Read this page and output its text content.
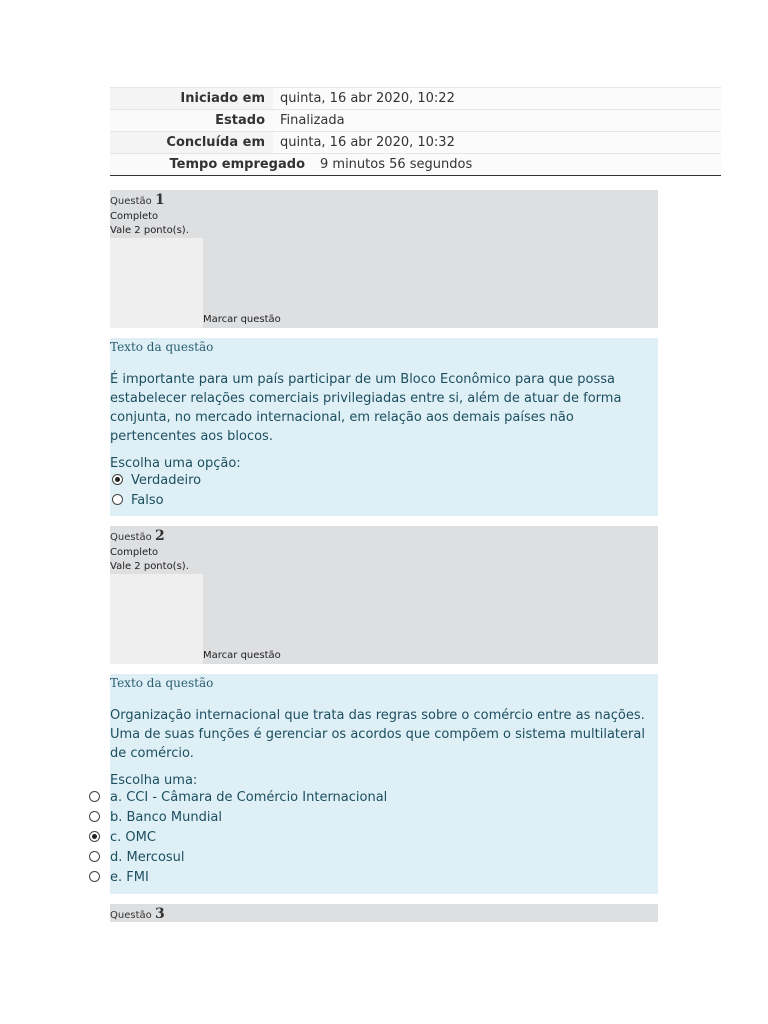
Iniciado em	quinta, 16 abr 2020, 10:22
Estado	Finalizada
Concluída em	quinta, 16 abr 2020, 10:32
Tempo empregado	9 minutos 56 segundos
Questão 1
Completo
Vale 2 ponto(s).
Marcar questão
Texto da questão
É importante para um país participar de um Bloco Econômico para que possa estabelecer relações comerciais privilegiadas entre si, além de atuar de forma conjunta, no mercado internacional, em relação aos demais países não pertencentes aos blocos.
Escolha uma opção:
Verdadeiro
Falso
Questão 2
Completo
Vale 2 ponto(s).
Marcar questão
Texto da questão
Organização internacional que trata das regras sobre o comércio entre as nações. Uma de suas funções é gerenciar os acordos que compõem o sistema multilateral de comércio.
Escolha uma:
a. CCI - Câmara de Comércio Internacional
b. Banco Mundial
c. OMC
d. Mercosul
e. FMI
Questão 3
